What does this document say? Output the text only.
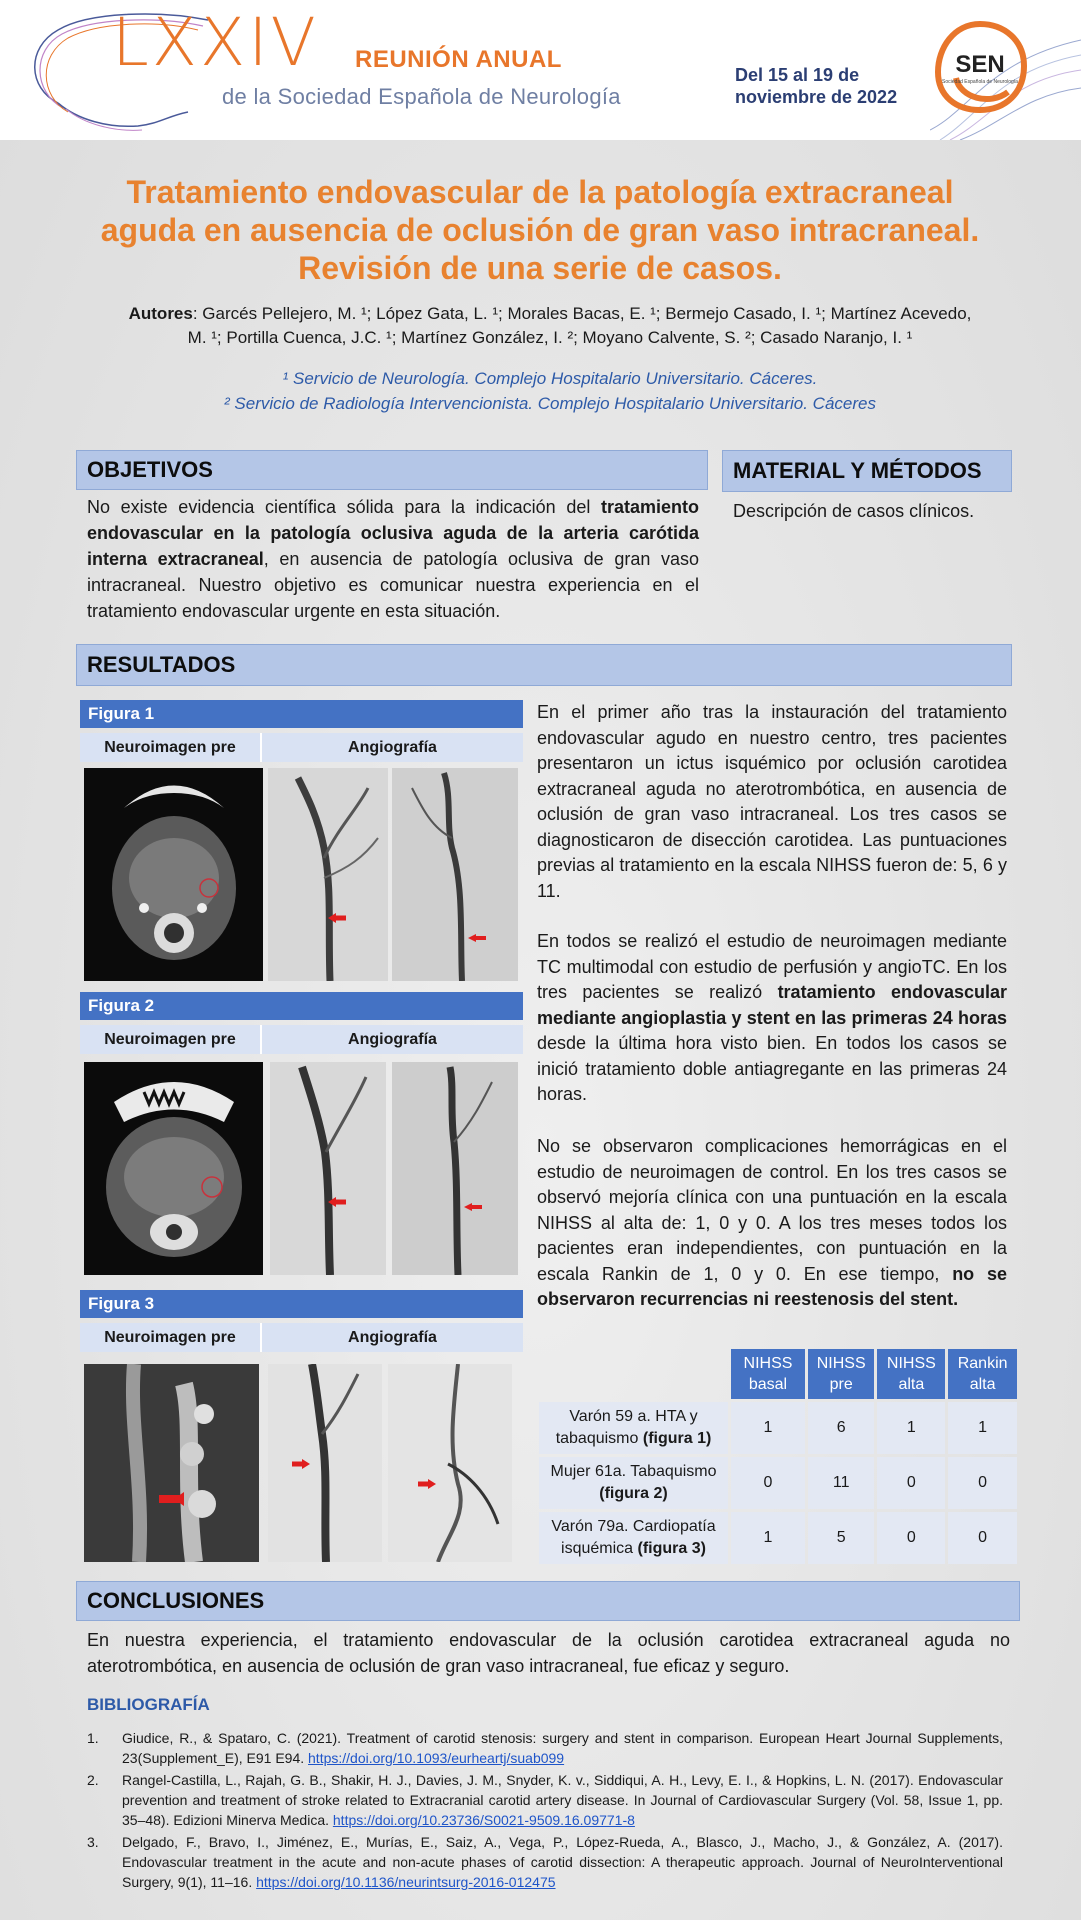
LXXIV REUNIÓN ANUAL
de la Sociedad Española de Neurología
Del 15 al 19 de
noviembre de 2022
SEN
Sociedad Española de Neurología
Tratamiento endovascular de la patología extracraneal
aguda en ausencia de oclusión de gran vaso intracraneal.
Revisión de una serie de casos.
Autores: Garcés Pellejero, M. ¹; López Gata, L. ¹; Morales Bacas, E. ¹; Bermejo Casado, I. ¹; Martínez Acevedo,
M. ¹; Portilla Cuenca, J.C. ¹; Martínez González, I. ²; Moyano Calvente, S. ²; Casado Naranjo, I. ¹
¹ Servicio de Neurología. Complejo Hospitalario Universitario. Cáceres.
² Servicio de Radiología Intervencionista. Complejo Hospitalario Universitario. Cáceres
OBJETIVOS
No existe evidencia científica sólida para la indicación del tratamiento endovascular en la patología oclusiva aguda de la arteria carótida interna extracraneal, en ausencia de patología oclusiva de gran vaso intracraneal. Nuestro objetivo es comunicar nuestra experiencia en el tratamiento endovascular urgente en esta situación.
MATERIAL Y MÉTODOS
Descripción de casos clínicos.
RESULTADOS
Figura 1
Neuroimagen pre	Angiografía
Figura 2
Neuroimagen pre	Angiografía
Figura 3
Neuroimagen pre	Angiografía
En el primer año tras la instauración del tratamiento endovascular agudo en nuestro centro, tres pacientes presentaron un ictus isquémico por oclusión carotidea extracraneal aguda no aterotrombótica, en ausencia de oclusión de gran vaso intracraneal. Los tres casos se diagnosticaron de disección carotidea. Las puntuaciones previas al tratamiento en la escala NIHSS fueron de: 5, 6 y 11.
En todos se realizó el estudio de neuroimagen mediante TC multimodal con estudio de perfusión y angioTC. En los tres pacientes se realizó tratamiento endovascular mediante angioplastia y stent en las primeras 24 horas desde la última hora visto bien. En todos los casos se inició tratamiento doble antiagregante en las primeras 24 horas.
No se observaron complicaciones hemorrágicas en el estudio de neuroimagen de control. En los tres casos se observó mejoría clínica con una puntuación en la escala NIHSS al alta de: 1, 0 y 0. A los tres meses todos los pacientes eran independientes, con puntuación en la escala Rankin de 1, 0 y 0. En ese tiempo, no se observaron recurrencias ni reestenosis del stent.
	NIHSS basal	NIHSS pre	NIHSS alta	Rankin alta
Varón 59 a. HTA y tabaquismo (figura 1)	1	6	1	1
Mujer 61a. Tabaquismo (figura 2)	0	11	0	0
Varón 79a. Cardiopatía isquémica (figura 3)	1	5	0	0
CONCLUSIONES
En nuestra experiencia, el tratamiento endovascular de la oclusión carotidea extracraneal aguda no aterotrombótica, en ausencia de oclusión de gran vaso intracraneal, fue eficaz y seguro.
BIBLIOGRAFÍA
1. Giudice, R., & Spataro, C. (2021). Treatment of carotid stenosis: surgery and stent in comparison. European Heart Journal Supplements, 23(Supplement_E), E91 E94. https://doi.org/10.1093/eurheartj/suab099
2. Rangel-Castilla, L., Rajah, G. B., Shakir, H. J., Davies, J. M., Snyder, K. v., Siddiqui, A. H., Levy, E. I., & Hopkins, L. N. (2017). Endovascular prevention and treatment of stroke related to Extracranial carotid artery disease. In Journal of Cardiovascular Surgery (Vol. 58, Issue 1, pp. 35–48). Edizioni Minerva Medica. https://doi.org/10.23736/S0021-9509.16.09771-8
3. Delgado, F., Bravo, I., Jiménez, E., Murías, E., Saiz, A., Vega, P., López-Rueda, A., Blasco, J., Macho, J., & González, A. (2017). Endovascular treatment in the acute and non-acute phases of carotid dissection: A therapeutic approach. Journal of NeuroInterventional Surgery, 9(1), 11–16. https://doi.org/10.1136/neurintsurg-2016-012475
